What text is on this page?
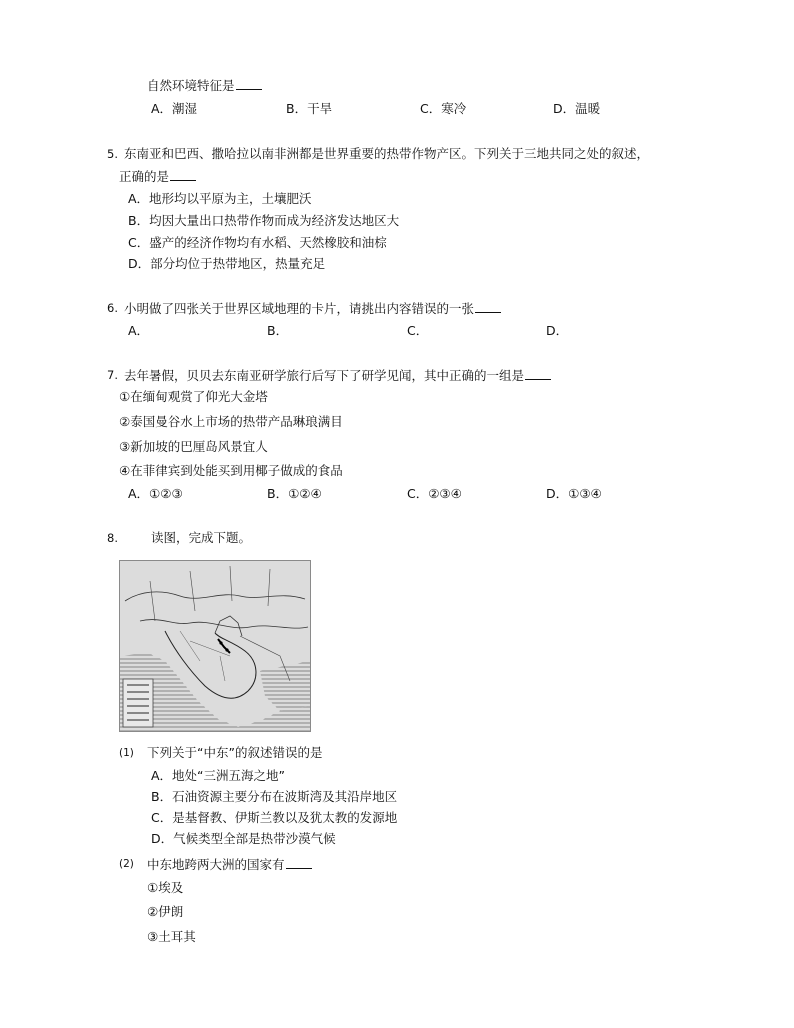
自然环境特征是
A．潮湿	B．干旱	C．寒冷	D．温暖
5. 东南亚和巴西、撒哈拉以南非洲都是世界重要的热带作物产区。下列关于三地共同之处的叙述，
正确的是
A．地形均以平原为主，土壤肥沃
B．均因大量出口热带作物而成为经济发达地区大
C．盛产的经济作物均有水稻、天然橡胶和油棕
D．部分均位于热带地区，热量充足
6. 小明做了四张关于世界区域地理的卡片，请挑出内容错误的一张
A．	B．	C．	D．
7. 去年暑假，贝贝去东南亚研学旅行后写下了研学见闻，其中正确的一组是
①在缅甸观赏了仰光大金塔
②泰国曼谷水上市场的热带产品琳琅满目
③新加坡的巴厘岛风景宜人
④在菲律宾到处能买到用椰子做成的食品
A．①②③	B．①②④	C．②③④	D．①③④
8.	读图，完成下题。
(1) 下列关于“中东”的叙述错误的是
A．地处“三洲五海之地”
B．石油资源主要分布在波斯湾及其沿岸地区
C．是基督教、伊斯兰教以及犹太教的发源地
D．气候类型全部是热带沙漠气候
(2) 中东地跨两大洲的国家有
①埃及
②伊朗
③土耳其
